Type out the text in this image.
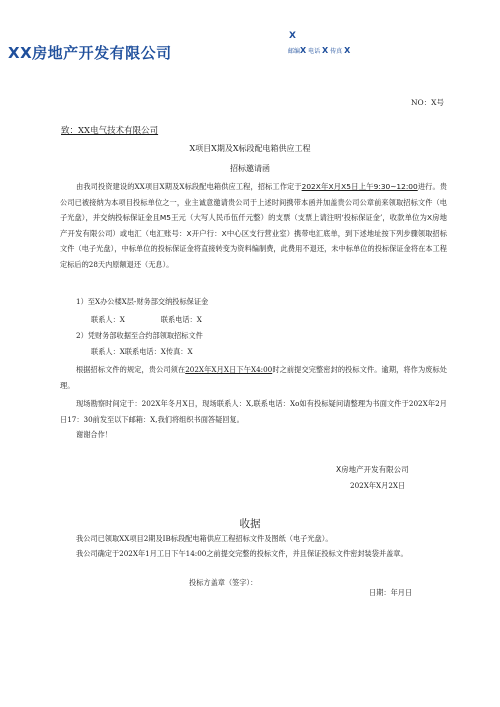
XX房地产开发有限公司
X
邮编X 电话 X 传真 X
NO：X号
致：XX电气技术有限公司
X项目X期及X标段配电箱供应工程
招标邀请函
由我司投资建设的XX项目X期及X标段配电箱供应工程，招标工作定于202X年X月X5日上午9:30~12:00进行。贵公司已被接纳为本项目投标单位之一，业主诚意邀请贵公司于上述时间携带本函并加盖贵公司公章前来领取招标文件（电子光盘），并交纳投标保证金且M5王元（大写人民币伍仟元整）的支票（支票上请注明‘投标保证金’，收款单位为X房地产开发有限公司）或电汇（电汇账号：X开户行：X中心区支行营业室）携带电汇底单，到下述地址按下列步骤领取招标文件（电子光盘），中标单位的投标保证金将直接转变为资料编制费，此费用不退还，未中标单位的投标保证金将在本工程定标后的28天内原额退还（无息）。
1）至X办公楼X层-财务部交纳投标保证金
联系人：X　　　　　联系电话：X
2）凭财务部收据至合约部领取招标文件
联系人：X联系电话：X传真：X
根据招标文件的规定，贵公司须在202X年X月X日下午X4:00时之前提交完整密封的投标文件。逾期，将作为废标处理。
现场勘察时间定于：202X年冬月X日，现场联系人：X,联系电话：Xo如有投标疑问请整理为书面文件于202X年2月日17：30前发至以下邮箱：X,我们将组织书面答疑回复。
谢谢合作！
X房地产开发有限公司
202X年X月2X日
收据
我公司已领取XX项目2期及IB标段配电箱供应工程招标文件及图纸（电子光盘）。
我公司确定于202X年1月工日下午14:00之前提交完整的投标文件，并且保证投标文件密封装袋并盖章。
投标方盖章（签字）：
日期：年月日
